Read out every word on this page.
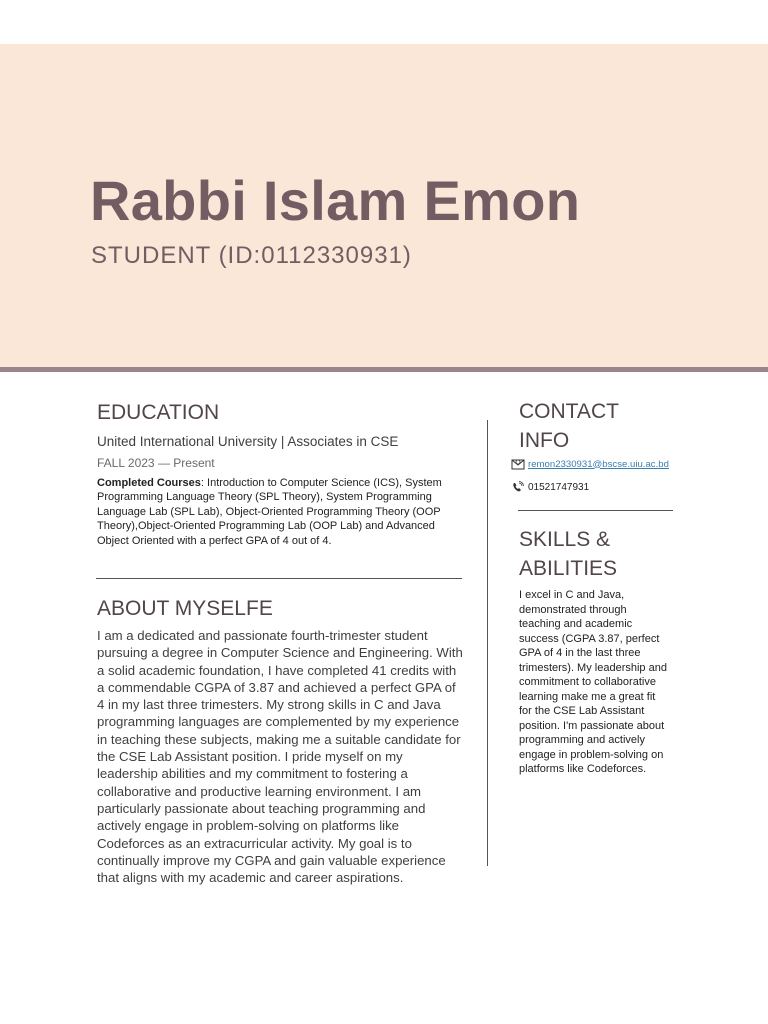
Rabbi Islam Emon
STUDENT (ID:0112330931)
EDUCATION
United International University | Associates in CSE
FALL 2023 — Present

Completed Courses: Introduction to Computer Science (ICS), System Programming Language Theory (SPL Theory), System Programming Language Lab (SPL Lab), Object-Oriented Programming Theory (OOP Theory),Object-Oriented Programming Lab (OOP Lab) and Advanced Object Oriented with a perfect GPA of 4 out of 4.

ABOUT MYSELFE

I am a dedicated and passionate fourth-trimester student pursuing a degree in Computer Science and Engineering. With a solid academic foundation, I have completed 41 credits with a commendable CGPA of 3.87 and achieved a perfect GPA of 4 in my last three trimesters. My strong skills in C and Java programming languages are complemented by my experience in teaching these subjects, making me a suitable candidate for the CSE Lab Assistant position. I pride myself on my leadership abilities and my commitment to fostering a collaborative and productive learning environment. I am particularly passionate about teaching programming and actively engage in problem-solving on platforms like Codeforces as an extracurricular activity. My goal is to continually improve my CGPA and gain valuable experience that aligns with my academic and career aspirations.

CONTACT
INFO
remon2330931@bscse.uiu.ac.bd
01521747931
SKILLS &
ABILITIES

I excel in C and Java, demonstrated through teaching and academic success (CGPA 3.87, perfect GPA of 4 in the last three trimesters). My leadership and commitment to collaborative learning make me a great fit for the CSE Lab Assistant position. I'm passionate about programming and actively engage in problem-solving on platforms like Codeforces.
